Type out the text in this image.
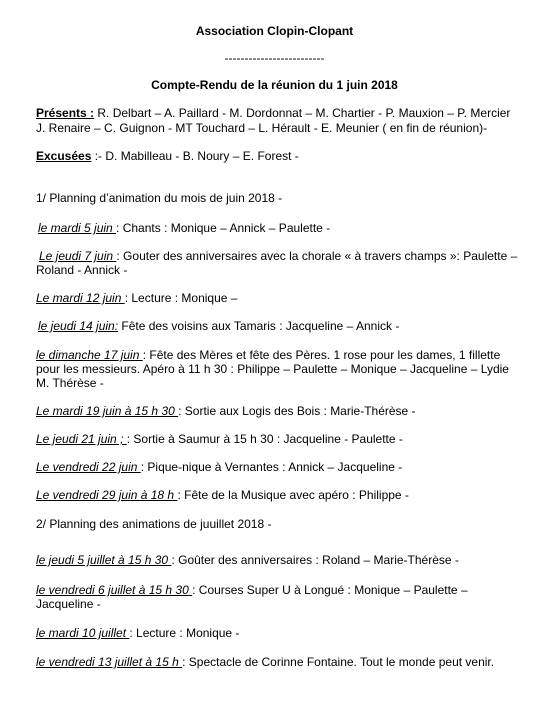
Association Clopin-Clopant
-------------------------
Compte-Rendu de la réunion du 1 juin 2018
Présents : R. Delbart – A. Paillard - M. Dordonnat – M. Chartier - P. Mauxion – P. Mercier
J. Renaire – C. Guignon - MT Touchard – L. Hérault - E. Meunier ( en fin de réunion)-
Excusées :- D. Mabilleau - B. Noury – E. Forest -
1/ Planning d’animation du mois de juin 2018 -
le mardi 5 juin : Chants : Monique – Annick – Paulette -
Le jeudi 7 juin : Gouter des anniversaires avec la chorale « à travers champs »: Paulette –
Roland - Annick -
Le mardi 12 juin : Lecture : Monique –
le jeudi 14 juin: Fête des voisins aux Tamaris : Jacqueline – Annick -
le dimanche 17 juin : Fête des Mères et fête des Pères. 1 rose pour les dames, 1 fillette
pour les messieurs. Apéro à 11 h 30 : Philippe – Paulette – Monique – Jacqueline – Lydie
M. Thérèse -
Le mardi 19 juin à 15 h 30 : Sortie aux Logis des Bois : Marie-Thérèse -
Le jeudi 21 juin ; : Sortie à Saumur à 15 h 30 : Jacqueline - Paulette -
Le vendredi 22 juin : Pique-nique à Vernantes : Annick – Jacqueline -
Le vendredi 29 juin à 18 h : Fête de la Musique avec apéro : Philippe -
2/ Planning des animations de juuillet 2018 -
le jeudi 5 juillet à 15 h 30 : Goûter des anniversaires : Roland – Marie-Thérèse -
le vendredi 6 juillet à 15 h 30 : Courses Super U à Longué : Monique – Paulette –
Jacqueline -
le mardi 10 juillet : Lecture : Monique -
le vendredi 13 juillet à 15 h : Spectacle de Corinne Fontaine. Tout le monde peut venir.
